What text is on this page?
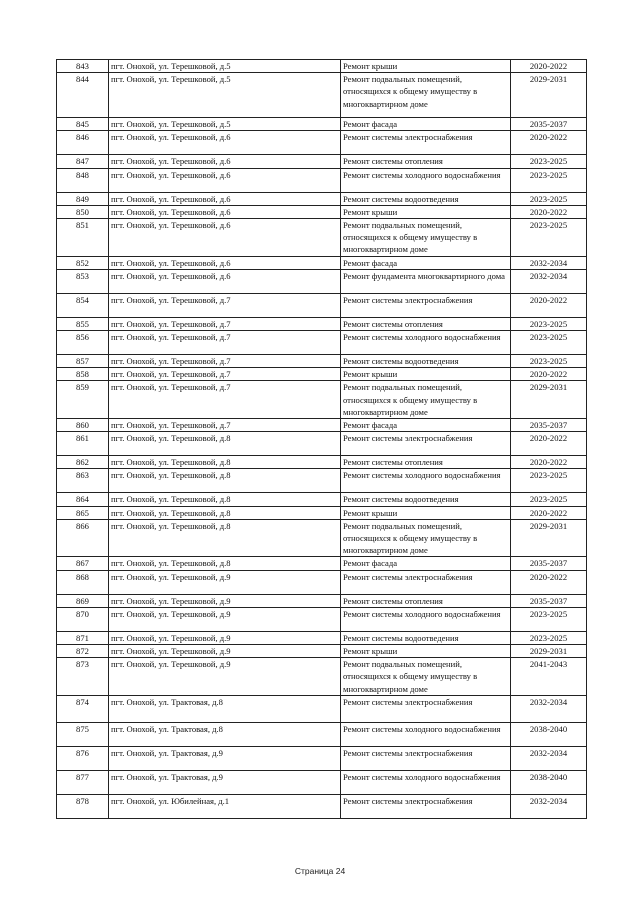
843	пгт. Онохой, ул. Терешковой, д.5	Ремонт крыши	2020-2022
844	пгт. Онохой, ул. Терешковой, д.5	Ремонт подвальных помещений, относящихся к общему имуществу в многоквартирном доме	2029-2031
845	пгт. Онохой, ул. Терешковой, д.5	Ремонт фасада	2035-2037
846	пгт. Онохой, ул. Терешковой, д.6	Ремонт системы электроснабжения	2020-2022
847	пгт. Онохой, ул. Терешковой, д.6	Ремонт системы отопления	2023-2025
848	пгт. Онохой, ул. Терешковой, д.6	Ремонт системы холодного водоснабжения	2023-2025
849	пгт. Онохой, ул. Терешковой, д.6	Ремонт системы водоотведения	2023-2025
850	пгт. Онохой, ул. Терешковой, д.6	Ремонт крыши	2020-2022
851	пгт. Онохой, ул. Терешковой, д.6	Ремонт подвальных помещений, относящихся к общему имуществу в многоквартирном доме	2023-2025
852	пгт. Онохой, ул. Терешковой, д.6	Ремонт фасада	2032-2034
853	пгт. Онохой, ул. Терешковой, д.6	Ремонт фундамента многоквартирного дома	2032-2034
854	пгт. Онохой, ул. Терешковой, д.7	Ремонт системы электроснабжения	2020-2022
855	пгт. Онохой, ул. Терешковой, д.7	Ремонт системы отопления	2023-2025
856	пгт. Онохой, ул. Терешковой, д.7	Ремонт системы холодного водоснабжения	2023-2025
857	пгт. Онохой, ул. Терешковой, д.7	Ремонт системы водоотведения	2023-2025
858	пгт. Онохой, ул. Терешковой, д.7	Ремонт крыши	2020-2022
859	пгт. Онохой, ул. Терешковой, д.7	Ремонт подвальных помещений, относящихся к общему имуществу в многоквартирном доме	2029-2031
860	пгт. Онохой, ул. Терешковой, д.7	Ремонт фасада	2035-2037
861	пгт. Онохой, ул. Терешковой, д.8	Ремонт системы электроснабжения	2020-2022
862	пгт. Онохой, ул. Терешковой, д.8	Ремонт системы отопления	2020-2022
863	пгт. Онохой, ул. Терешковой, д.8	Ремонт системы холодного водоснабжения	2023-2025
864	пгт. Онохой, ул. Терешковой, д.8	Ремонт системы водоотведения	2023-2025
865	пгт. Онохой, ул. Терешковой, д.8	Ремонт крыши	2020-2022
866	пгт. Онохой, ул. Терешковой, д.8	Ремонт подвальных помещений, относящихся к общему имуществу в многоквартирном доме	2029-2031
867	пгт. Онохой, ул. Терешковой, д.8	Ремонт фасада	2035-2037
868	пгт. Онохой, ул. Терешковой, д.9	Ремонт системы электроснабжения	2020-2022
869	пгт. Онохой, ул. Терешковой, д.9	Ремонт системы отопления	2035-2037
870	пгт. Онохой, ул. Терешковой, д.9	Ремонт системы холодного водоснабжения	2023-2025
871	пгт. Онохой, ул. Терешковой, д.9	Ремонт системы водоотведения	2023-2025
872	пгт. Онохой, ул. Терешковой, д.9	Ремонт крыши	2029-2031
873	пгт. Онохой, ул. Терешковой, д.9	Ремонт подвальных помещений, относящихся к общему имуществу в многоквартирном доме	2041-2043
874	пгт. Онохой, ул. Трактовая, д.8	Ремонт системы электроснабжения	2032-2034
875	пгт. Онохой, ул. Трактовая, д.8	Ремонт системы холодного водоснабжения	2038-2040
876	пгт. Онохой, ул. Трактовая, д.9	Ремонт системы электроснабжения	2032-2034
877	пгт. Онохой, ул. Трактовая, д.9	Ремонт системы холодного водоснабжения	2038-2040
878	пгт. Онохой, ул. Юбилейная, д.1	Ремонт системы электроснабжения	2032-2034
Страница 24
